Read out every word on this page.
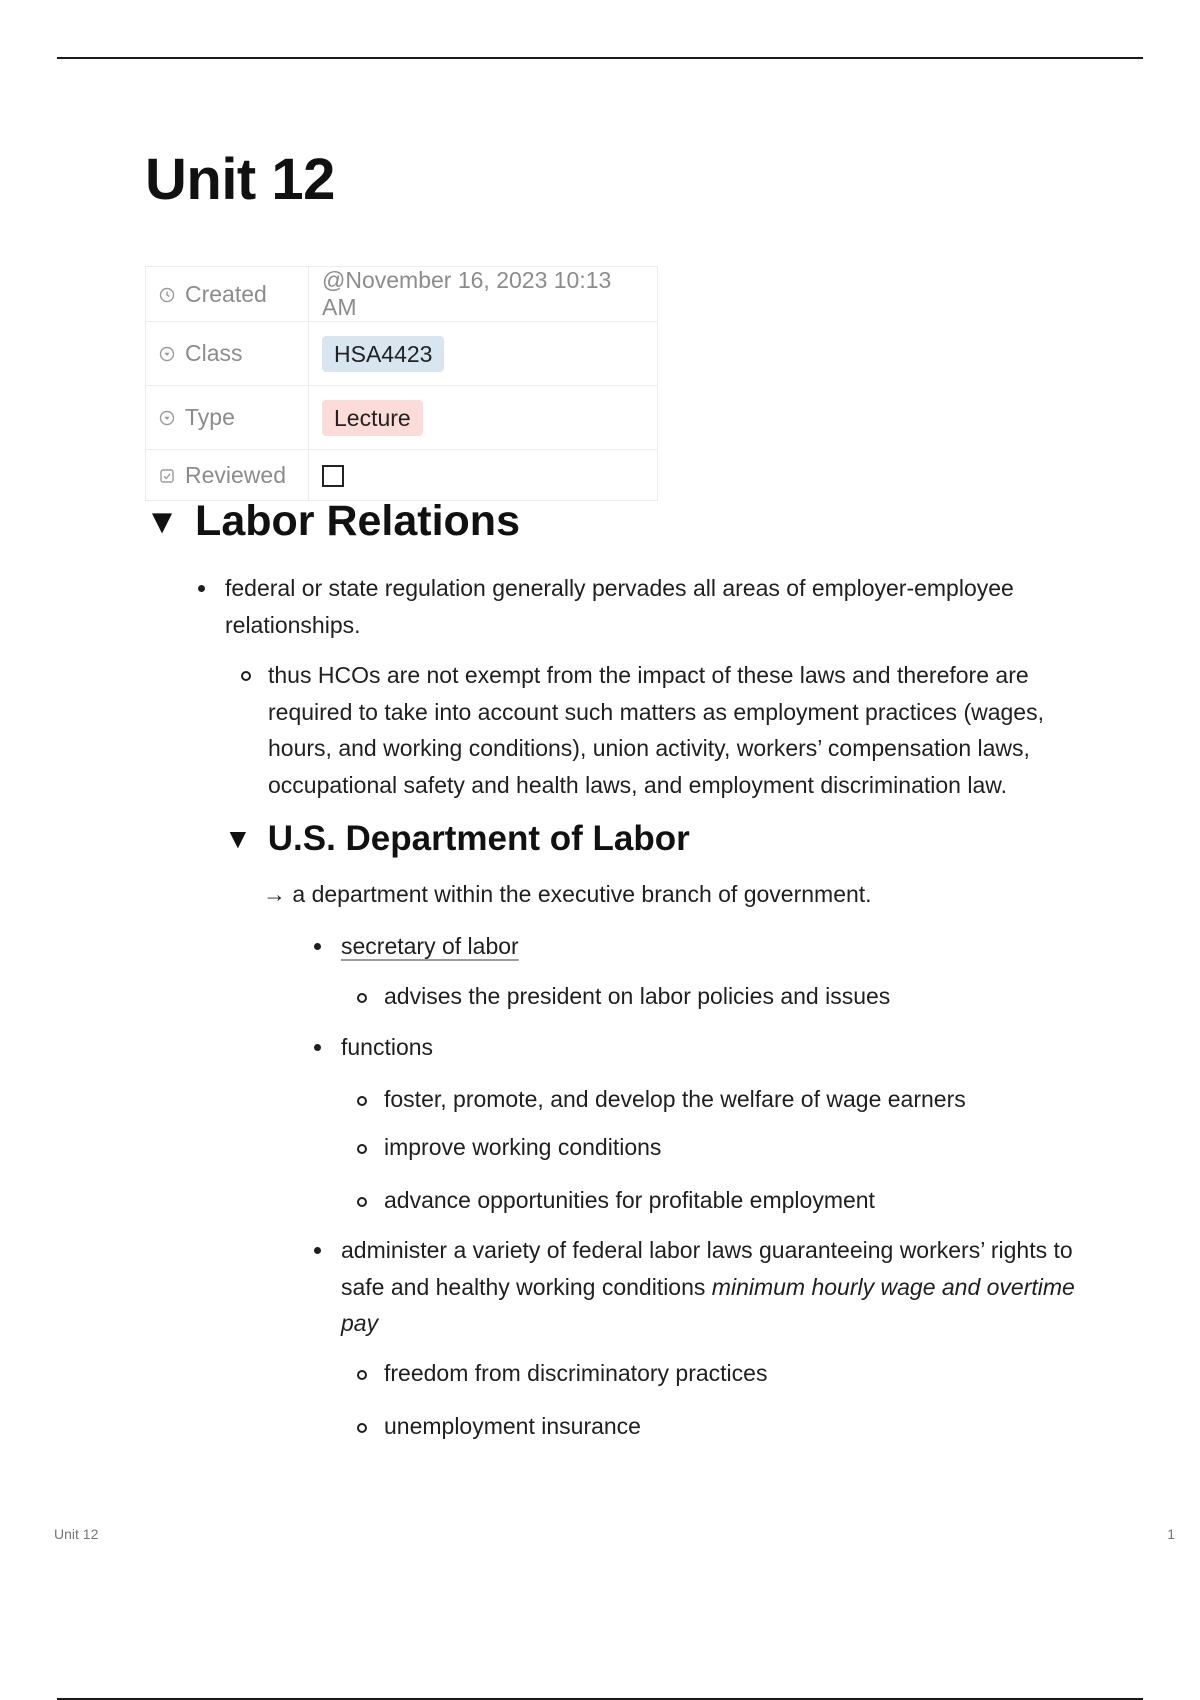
Unit 12
Created	@November 16, 2023 10:13 AM
Class	HSA4423
Type	Lecture
Reviewed	
▼ Labor Relations

federal or state regulation generally pervades all areas of employer-employee relationships.

thus HCOs are not exempt from the impact of these laws and therefore are required to take into account such matters as employment practices (wages, hours, and working conditions), union activity, workers’ compensation laws, occupational safety and health laws, and employment discrimination law.

▼ U.S. Department of Labor

→ a department within the executive branch of government.

secretary of labor

advises the president on labor policies and issues

functions

foster, promote, and develop the welfare of wage earners

improve working conditions

advance opportunities for profitable employment

administer a variety of federal labor laws guaranteeing workers’ rights to safe and healthy working conditions minimum hourly wage and overtime pay

freedom from discriminatory practices

unemployment insurance

Unit 12	1
